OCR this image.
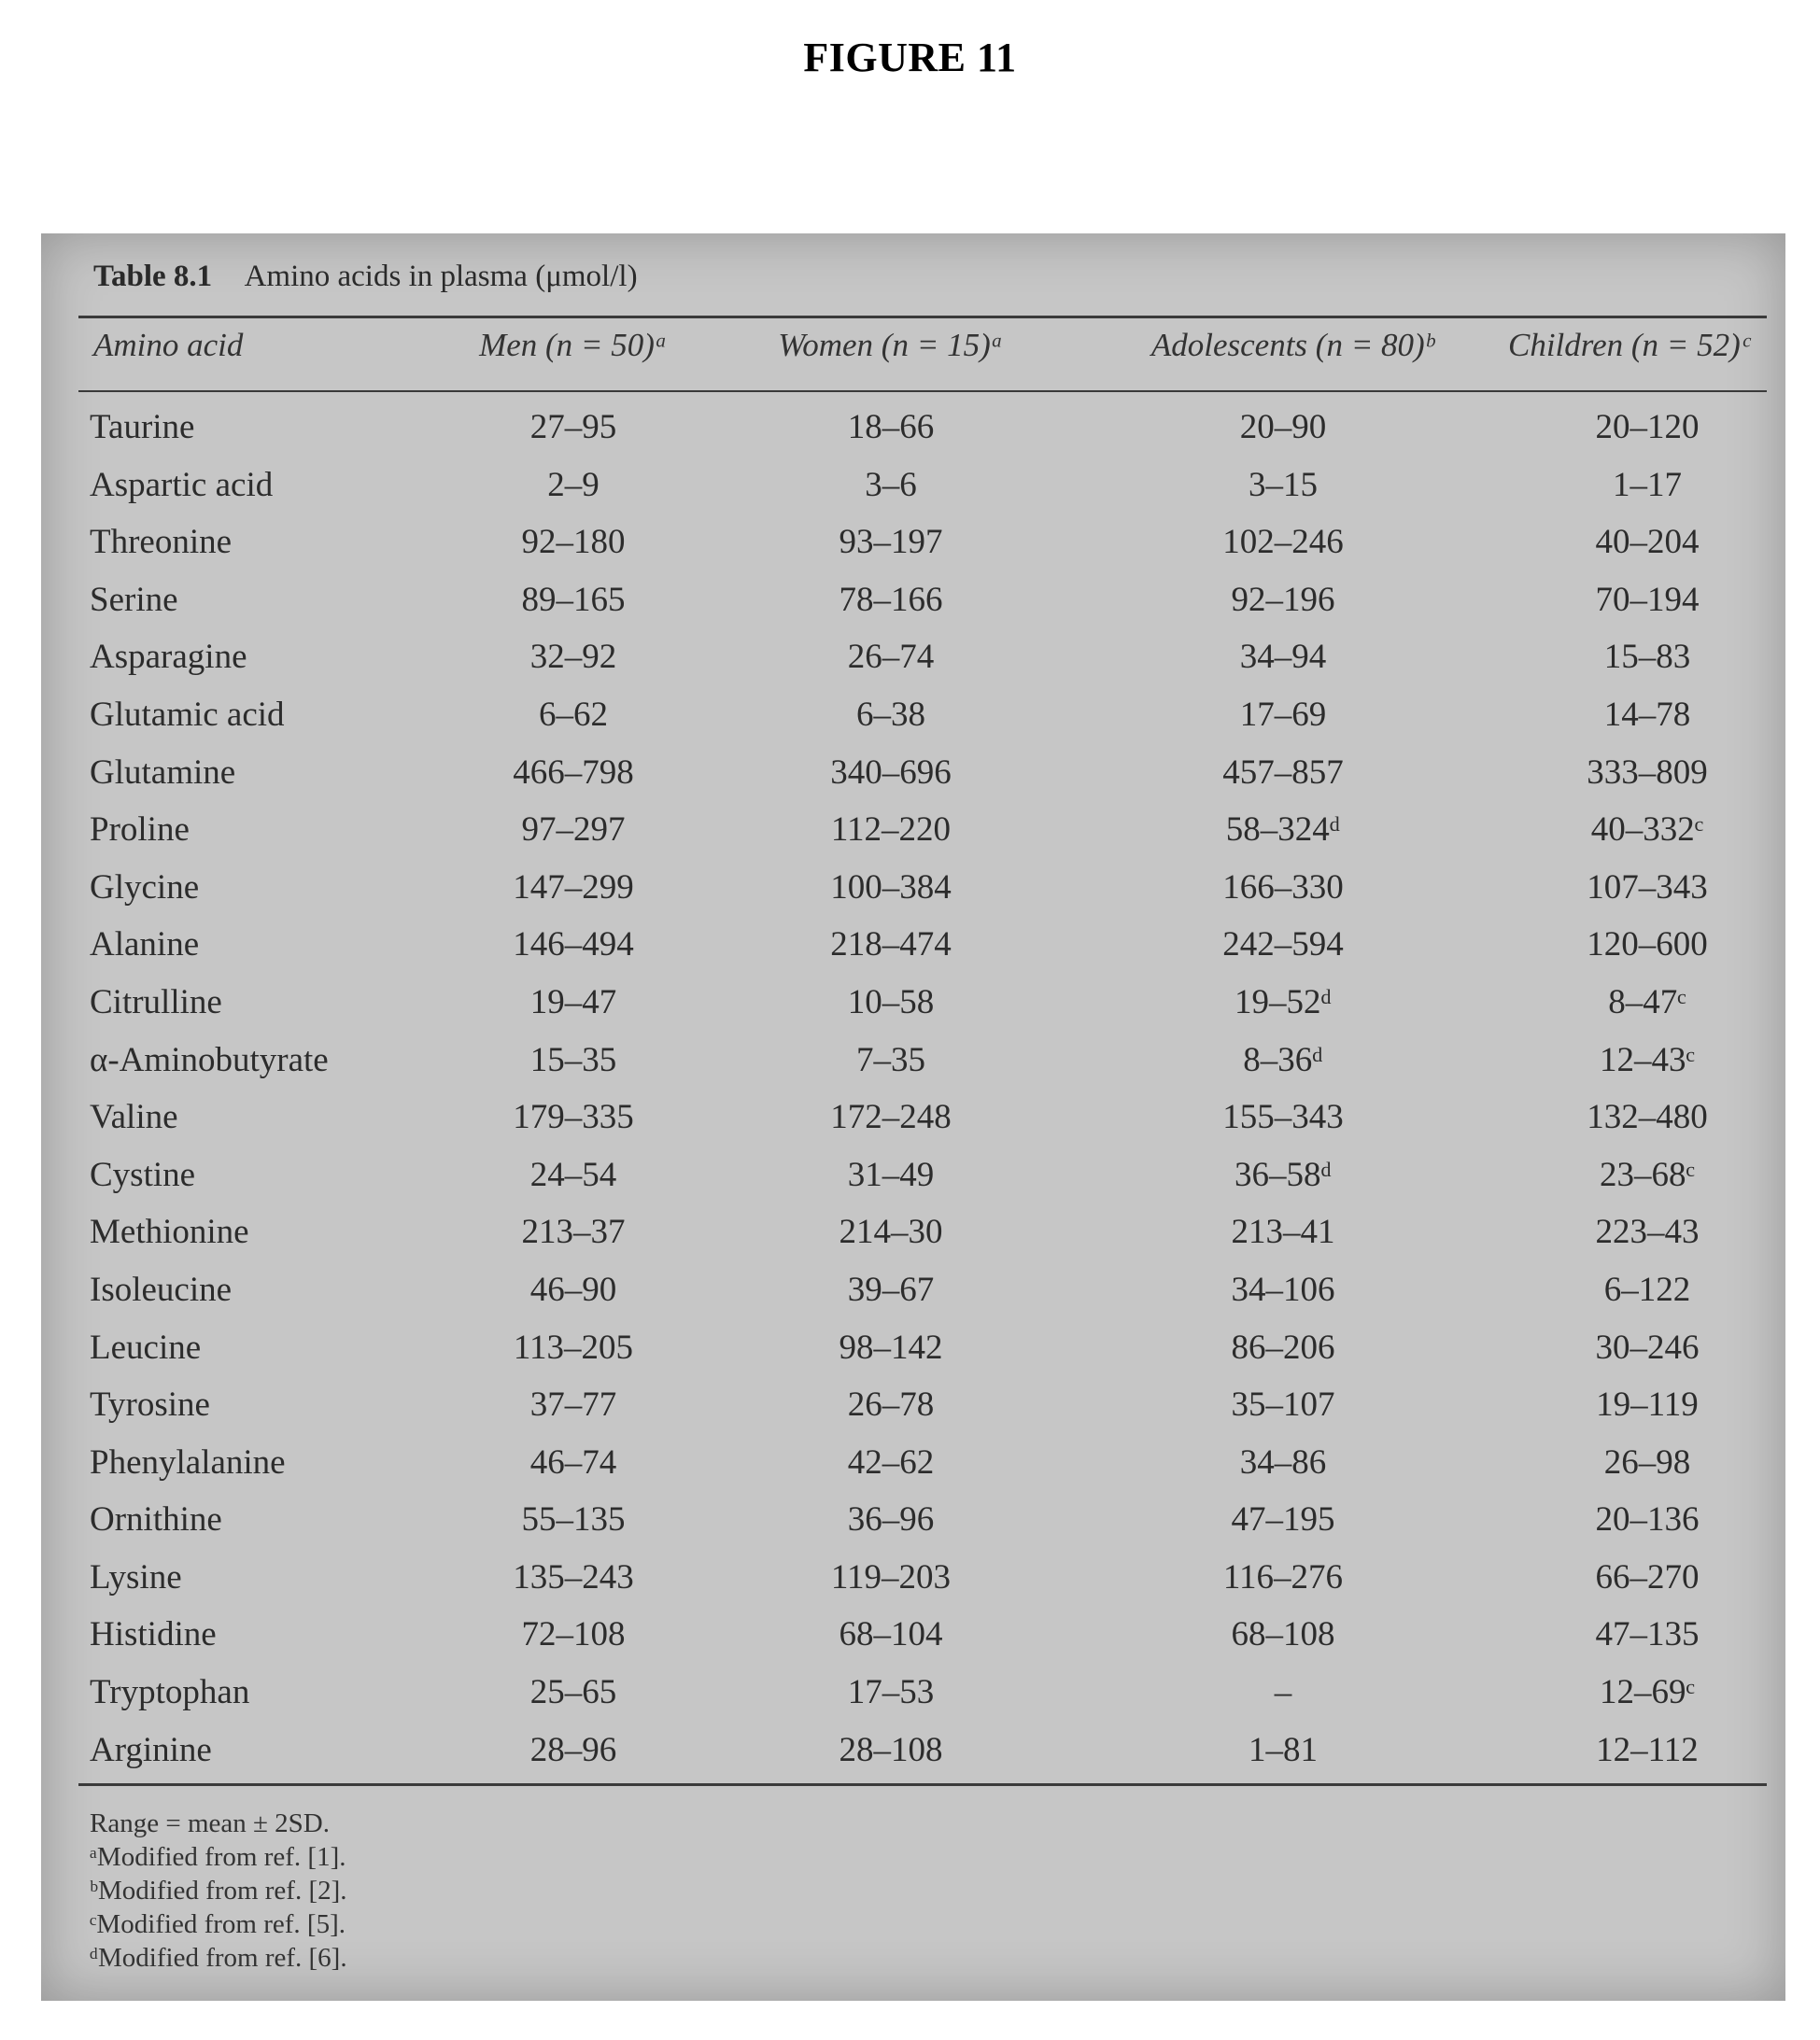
FIGURE 11
Table 8.1 Amino acids in plasma (μmol/l)
Amino acid	Men (n = 50)ᵃ	Women (n = 15)ᵃ	Adolescents (n = 80)ᵇ	Children (n = 52)ᶜ
Taurine	27–95	18–66	20–90	20–120
Aspartic acid	2–9	3–6	3–15	1–17
Threonine	92–180	93–197	102–246	40–204
Serine	89–165	78–166	92–196	70–194
Asparagine	32–92	26–74	34–94	15–83
Glutamic acid	6–62	6–38	17–69	14–78
Glutamine	466–798	340–696	457–857	333–809
Proline	97–297	112–220	58–324ᵈ	40–332ᶜ
Glycine	147–299	100–384	166–330	107–343
Alanine	146–494	218–474	242–594	120–600
Citrulline	19–47	10–58	19–52ᵈ	8–47ᶜ
α-Aminobutyrate	15–35	7–35	8–36ᵈ	12–43ᶜ
Valine	179–335	172–248	155–343	132–480
Cystine	24–54	31–49	36–58ᵈ	23–68ᶜ
Methionine	213–37	214–30	213–41	223–43
Isoleucine	46–90	39–67	34–106	6–122
Leucine	113–205	98–142	86–206	30–246
Tyrosine	37–77	26–78	35–107	19–119
Phenylalanine	46–74	42–62	34–86	26–98
Ornithine	55–135	36–96	47–195	20–136
Lysine	135–243	119–203	116–276	66–270
Histidine	72–108	68–104	68–108	47–135
Tryptophan	25–65	17–53	–	12–69ᶜ
Arginine	28–96	28–108	1–81	12–112
Range = mean ± 2SD.
ᵃModified from ref. [1].
ᵇModified from ref. [2].
ᶜModified from ref. [5].
ᵈModified from ref. [6].
